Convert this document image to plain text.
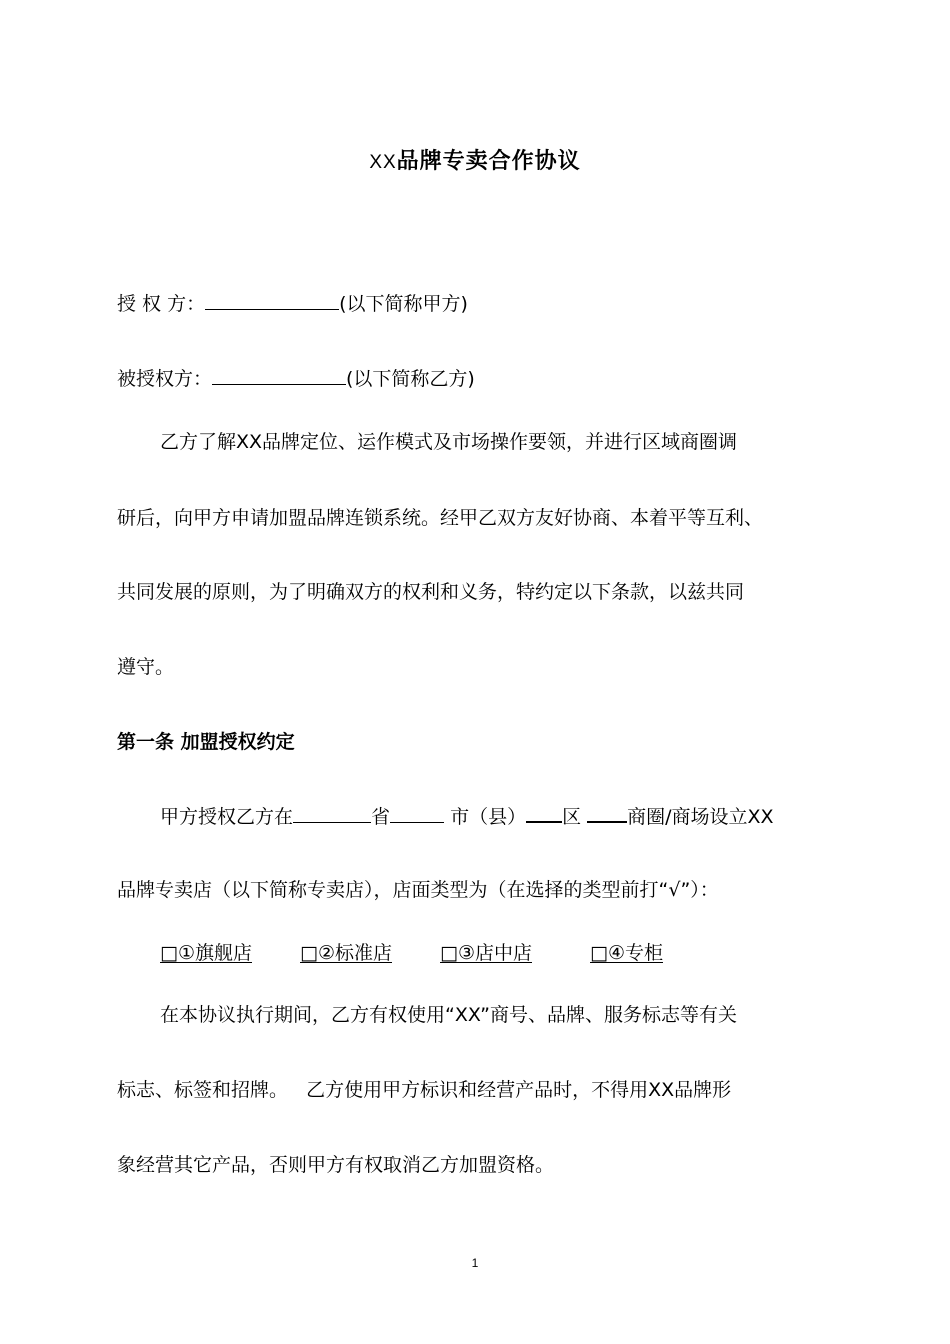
XX品牌专卖合作协议
授 权 方：	(以下简称甲方)
被授权方：	(以下简称乙方)
乙方了解XX品牌定位、运作模式及市场操作要领，并进行区域商圈调
研后，向甲方申请加盟品牌连锁系统。经甲乙双方友好协商、本着平等互利、
共同发展的原则，为了明确双方的权利和义务，特约定以下条款，以兹共同
遵守。
第一条 加盟授权约定
甲方授权乙方在	省	市（县） 区 商圈/商场设立XX
品牌专卖店（以下简称专卖店），店面类型为（在选择的类型前打“√”）：
□①旗舰店	□②标准店	□③店中店	□④专柜
在本协议执行期间，乙方有权使用“XX”商号、品牌、服务标志等有关
标志、标签和招牌。   乙方使用甲方标识和经营产品时，不得用XX品牌形
象经营其它产品，否则甲方有权取消乙方加盟资格。
1
